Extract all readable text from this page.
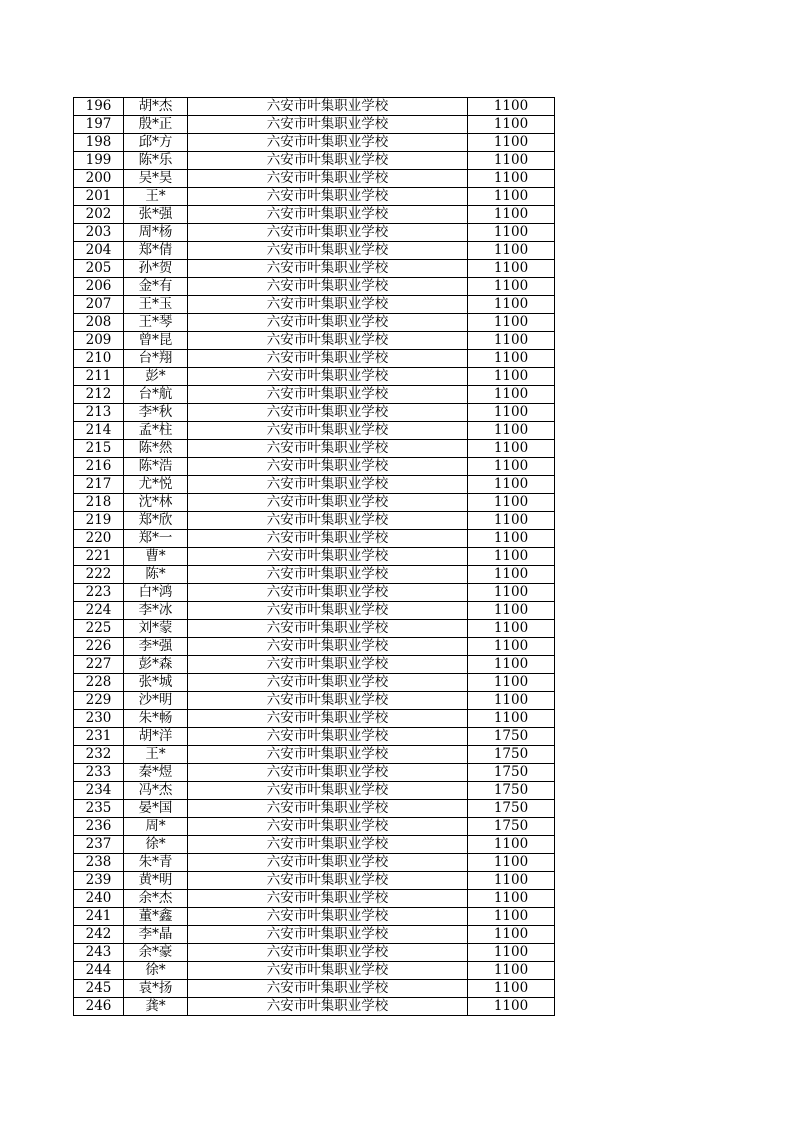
196	胡*杰	六安市叶集职业学校	1100
197	殷*正	六安市叶集职业学校	1100
198	邱*方	六安市叶集职业学校	1100
199	陈*乐	六安市叶集职业学校	1100
200	吴*昊	六安市叶集职业学校	1100
201	王*	六安市叶集职业学校	1100
202	张*强	六安市叶集职业学校	1100
203	周*杨	六安市叶集职业学校	1100
204	郑*倩	六安市叶集职业学校	1100
205	孙*贺	六安市叶集职业学校	1100
206	金*有	六安市叶集职业学校	1100
207	王*玉	六安市叶集职业学校	1100
208	王*琴	六安市叶集职业学校	1100
209	曾*昆	六安市叶集职业学校	1100
210	台*翔	六安市叶集职业学校	1100
211	彭*	六安市叶集职业学校	1100
212	台*航	六安市叶集职业学校	1100
213	李*秋	六安市叶集职业学校	1100
214	孟*柱	六安市叶集职业学校	1100
215	陈*然	六安市叶集职业学校	1100
216	陈*浩	六安市叶集职业学校	1100
217	尤*悦	六安市叶集职业学校	1100
218	沈*林	六安市叶集职业学校	1100
219	郑*欣	六安市叶集职业学校	1100
220	郑*一	六安市叶集职业学校	1100
221	曹*	六安市叶集职业学校	1100
222	陈*	六安市叶集职业学校	1100
223	白*鸿	六安市叶集职业学校	1100
224	李*冰	六安市叶集职业学校	1100
225	刘*蒙	六安市叶集职业学校	1100
226	李*强	六安市叶集职业学校	1100
227	彭*森	六安市叶集职业学校	1100
228	张*城	六安市叶集职业学校	1100
229	沙*明	六安市叶集职业学校	1100
230	朱*畅	六安市叶集职业学校	1100
231	胡*洋	六安市叶集职业学校	1750
232	王*	六安市叶集职业学校	1750
233	秦*煜	六安市叶集职业学校	1750
234	冯*杰	六安市叶集职业学校	1750
235	晏*国	六安市叶集职业学校	1750
236	周*	六安市叶集职业学校	1750
237	徐*	六安市叶集职业学校	1100
238	朱*青	六安市叶集职业学校	1100
239	黄*明	六安市叶集职业学校	1100
240	余*杰	六安市叶集职业学校	1100
241	董*鑫	六安市叶集职业学校	1100
242	李*晶	六安市叶集职业学校	1100
243	余*豪	六安市叶集职业学校	1100
244	徐*	六安市叶集职业学校	1100
245	袁*扬	六安市叶集职业学校	1100
246	龚*	六安市叶集职业学校	1100
